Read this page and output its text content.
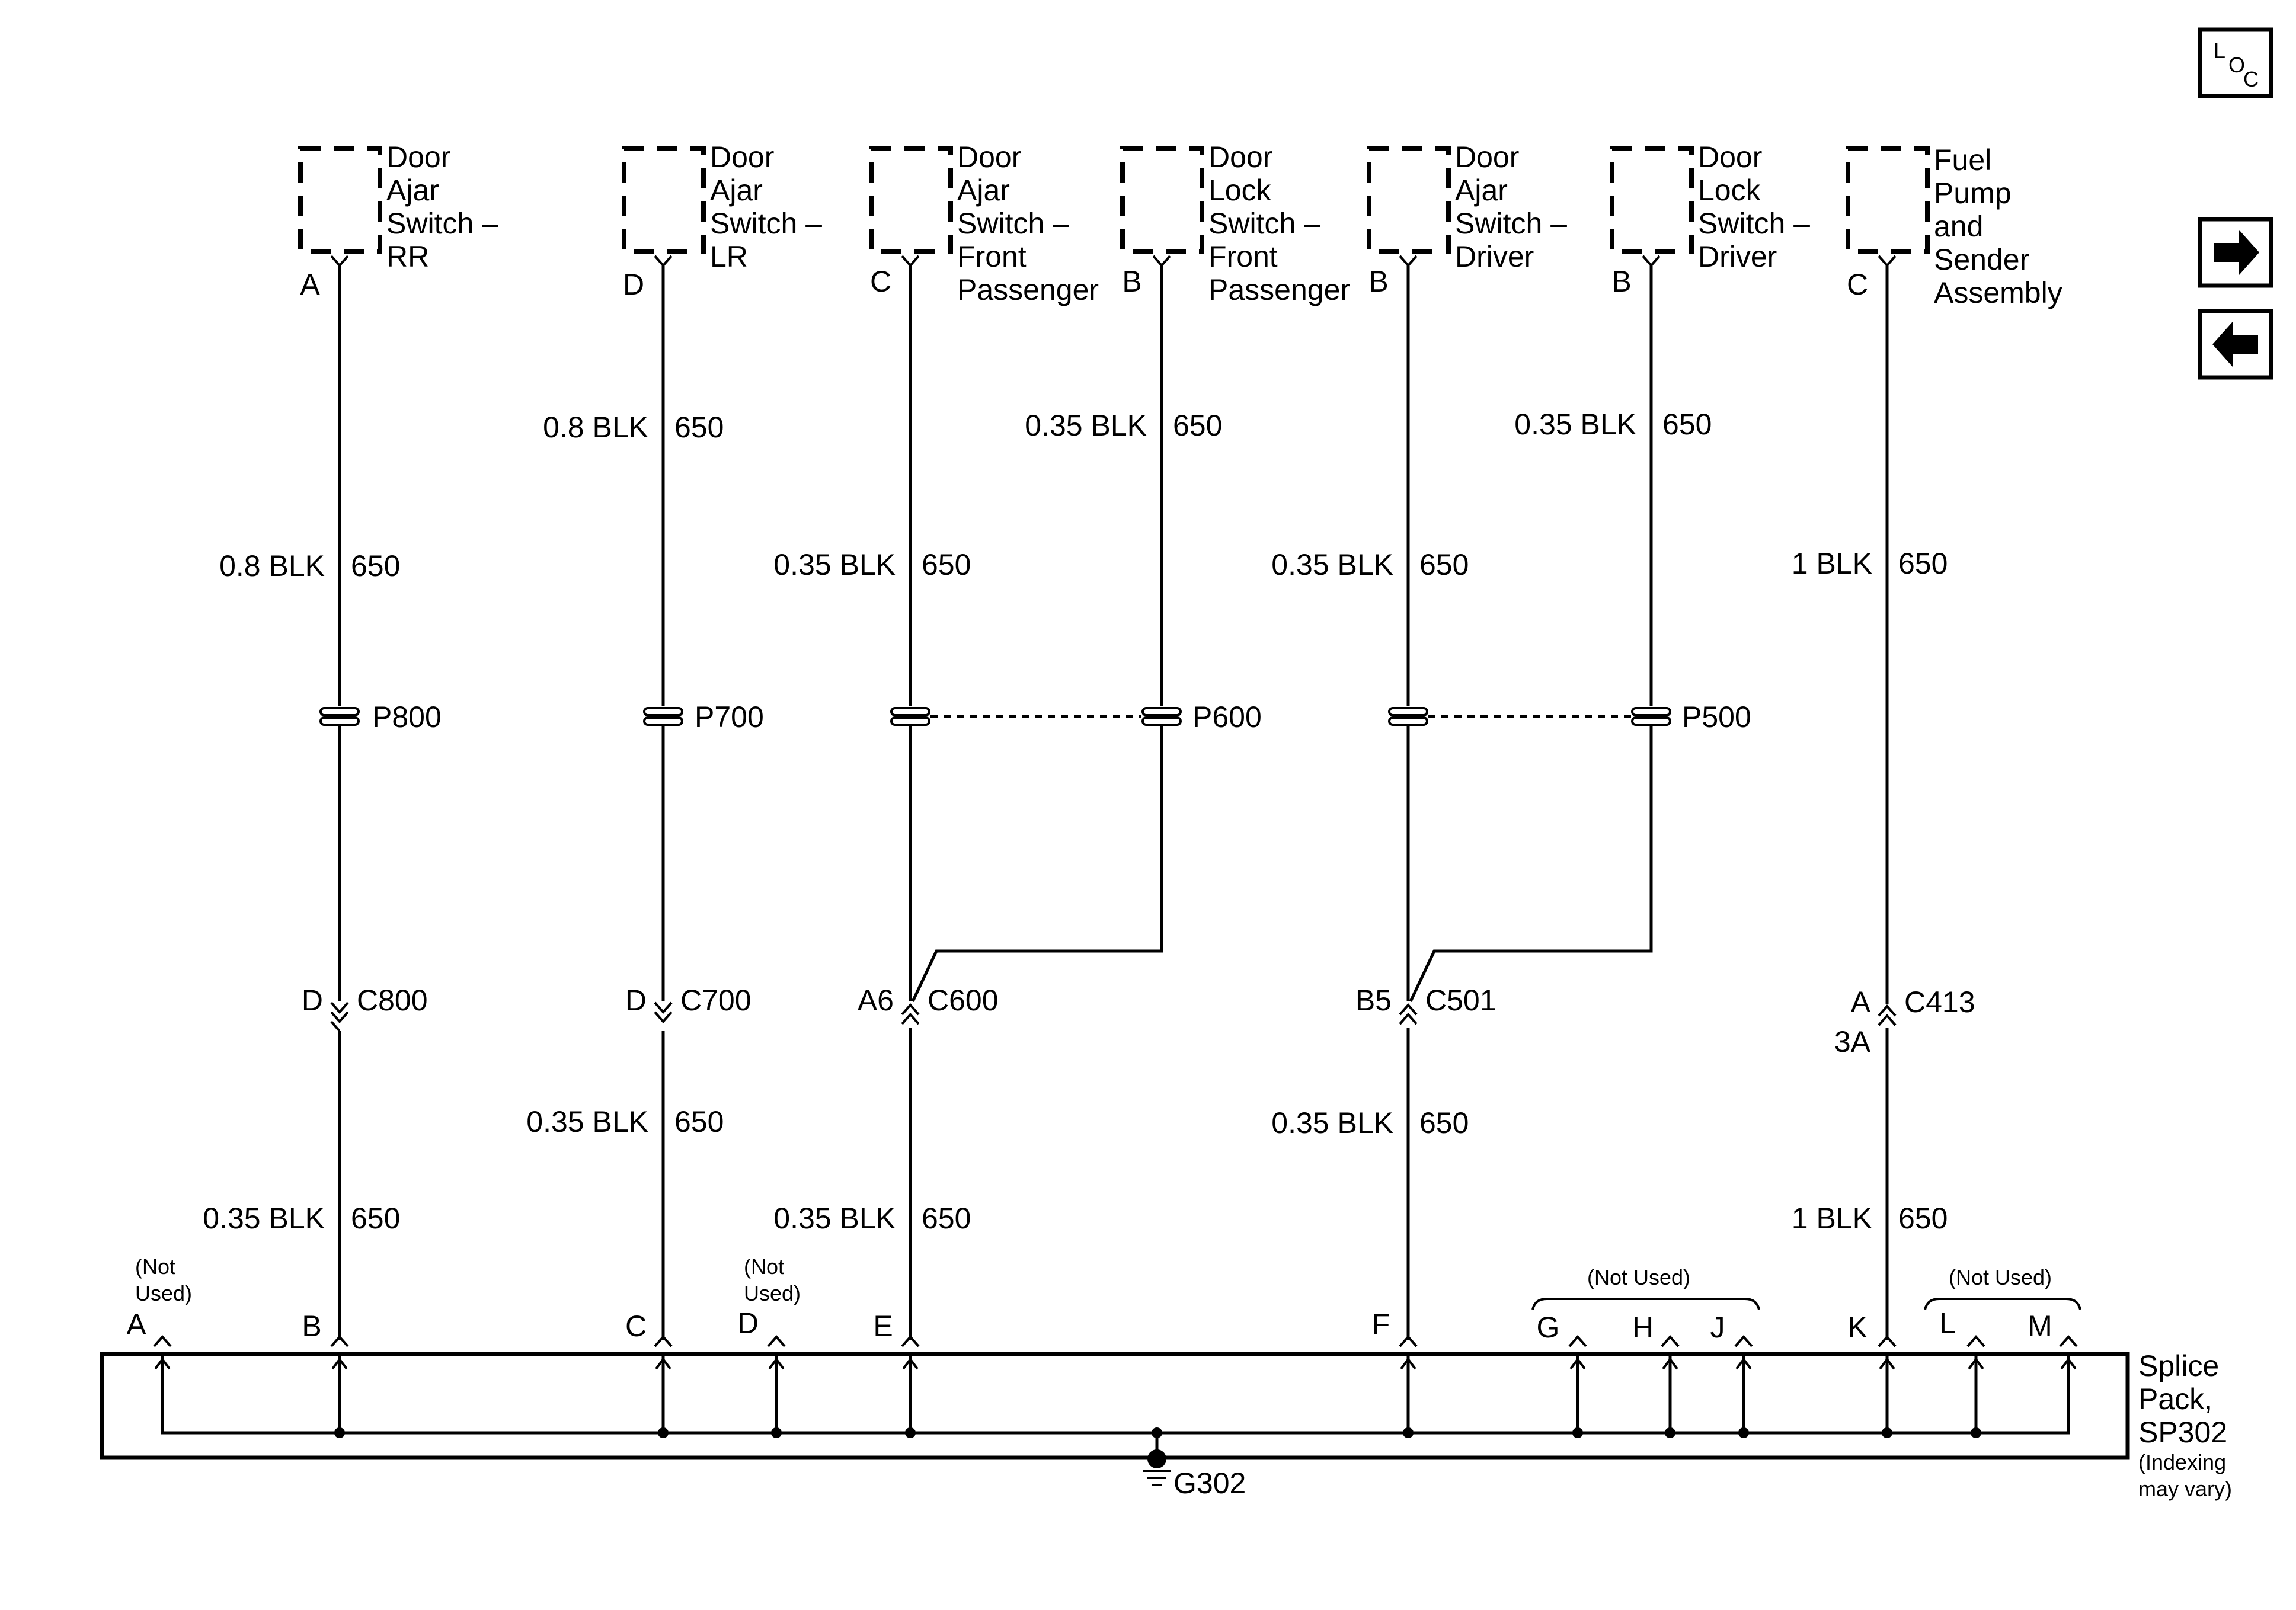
L
O
C
Door
Ajar
Switch –
RR
Door
Ajar
Switch –
LR
Door
Ajar
Switch –
Front
Passenger
Door
Lock
Switch –
Front
Passenger
Door
Ajar
Switch –
Driver
Door
Lock
Switch –
Driver
Fuel
Pump
and
Sender
Assembly
A	D	C	B	B	B	C
0.8 BLK 650
0.8 BLK 650
0.35 BLK 650
0.35 BLK 650
0.35 BLK 650
0.35 BLK 650
1 BLK 650
0.35 BLK 650	0.35 BLK 650
0.35 BLK 650	0.35 BLK 650	1 BLK 650
P800	P700	P600	P500
D C800	D C700	A6 C600	B5 C501	A
3A
C413
A	B	C	D	E	F	G H J	K L M
(Not
Used)
(Not
Used)
(Not Used)	(Not Used)
Splice
Pack,
SP302
(Indexing
may vary)
G302
